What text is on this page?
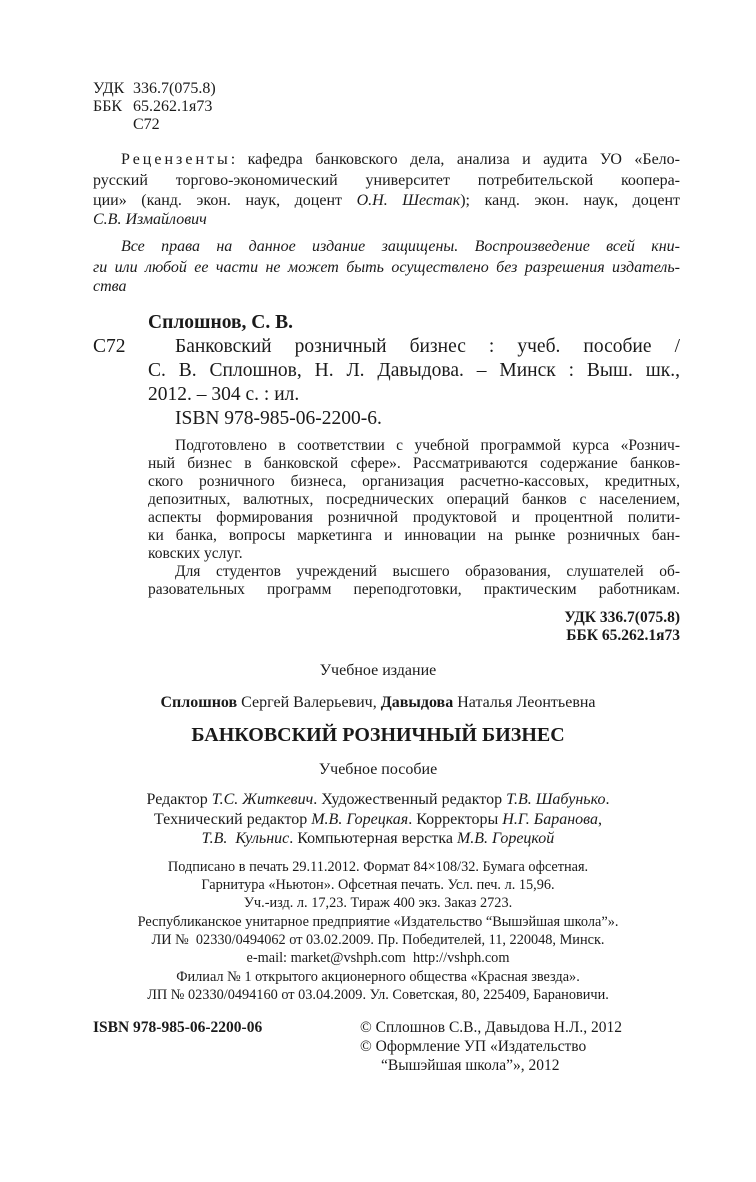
УДК 336.7(075.8)
ББК 65.262.1я73
С72
Рецензенты: кафедра банковского дела, анализа и аудита УО «Бело-
русский торгово-экономический университет потребительской коопера-
ции» (канд. экон. наук, доцент О.Н. Шестак); канд. экон. наук, доцент
С.В. Измайлович
Все права на данное издание защищены. Воспроизведение всей кни-
ги или любой ее части не может быть осуществлено без разрешения издатель-
ства
Сплошнов, С. В.
С72	Банковский розничный бизнес : учеб. пособие /
С. В. Сплошнов, Н. Л. Давыдова. – Минск : Выш. шк.,
2012. – 304 с. : ил.
ISBN 978-985-06-2200-6.
Подготовлено в соответствии с учебной программой курса «Рознич-
ный бизнес в банковской сфере». Рассматриваются содержание банков-
ского розничного бизнеса, организация расчетно-кассовых, кредитных,
депозитных, валютных, посреднических операций банков с населением,
аспекты формирования розничной продуктовой и процентной полити-
ки банка, вопросы маркетинга и инновации на рынке розничных бан-
ковских услуг.
Для студентов учреждений высшего образования, слушателей об-
разовательных программ переподготовки, практическим работникам.
УДК 336.7(075.8)
ББК 65.262.1я73
Учебное издание
Сплошнов Сергей Валерьевич, Давыдова Наталья Леонтьевна
БАНКОВСКИЙ РОЗНИЧНЫЙ БИЗНЕС
Учебное пособие
Редактор Т.С. Житкевич. Художественный редактор Т.В. Шабунько.
Технический редактор М.В. Горецкая. Корректоры Н.Г. Баранова,
Т.В.  Кульнис. Компьютерная верстка М.В. Горецкой
Подписано в печать 29.11.2012. Формат 84×108/32. Бумага офсетная.
Гарнитура «Ньютон». Офсетная печать. Усл. печ. л. 15,96.
Уч.-изд. л. 17,23. Тираж 400 экз. Заказ 2723.
Республиканское унитарное предприятие «Издательство “Вышэйшая школа”».
ЛИ №  02330/0494062 от 03.02.2009. Пр. Победителей, 11, 220048, Минск.
e-mail: market@vshph.com  http://vshph.com
Филиал № 1 открытого акционерного общества «Красная звезда».
ЛП № 02330/0494160 от 03.04.2009. Ул. Советская, 80, 225409, Барановичи.
ISBN 978-985-06-2200-06	© Сплошнов С.В., Давыдова Н.Л., 2012
© Оформление УП «Издательство
“Вышэйшая школа”», 2012
